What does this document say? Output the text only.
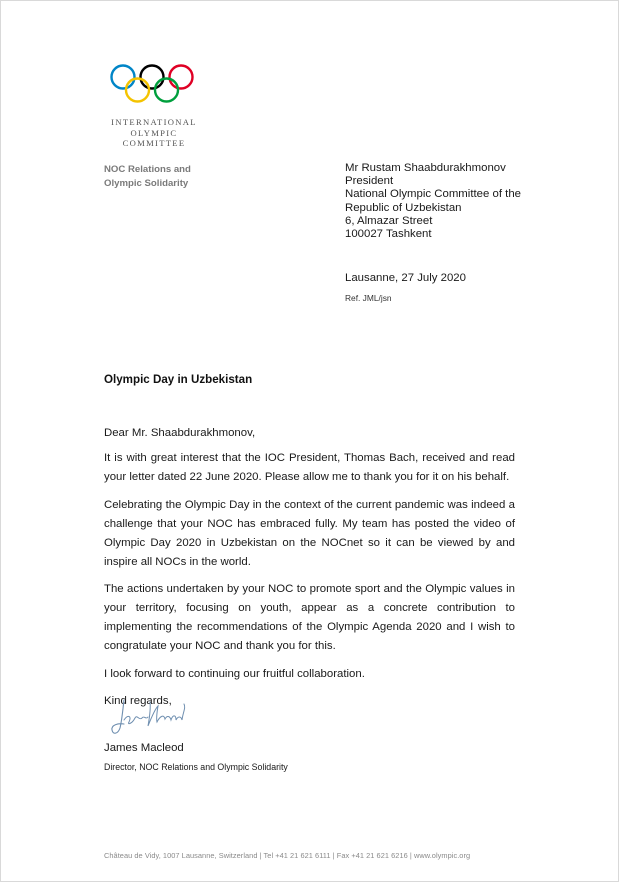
INTERNATIONAL
OLYMPIC
COMMITTEE
NOC Relations and
Olympic Solidarity
Mr Rustam Shaabdurakhmonov
President
National Olympic Committee of the
Republic of Uzbekistan
6, Almazar Street
100027 Tashkent
Lausanne, 27 July 2020
Ref. JML/jsn
Olympic Day in Uzbekistan

Dear Mr. Shaabdurakhmonov,

It is with great interest that the IOC President, Thomas Bach, received and read your letter dated 22 June 2020. Please allow me to thank you for it on his behalf.

Celebrating the Olympic Day in the context of the current pandemic was indeed a challenge that your NOC has embraced fully. My team has posted the video of Olympic Day 2020 in Uzbekistan on the NOCnet so it can be viewed by and inspire all NOCs in the world.

The actions undertaken by your NOC to promote sport and the Olympic values in your territory, focusing on youth, appear as a concrete contribution to implementing the recommendations of the Olympic Agenda 2020 and I wish to congratulate your NOC and thank you for this.

I look forward to continuing our fruitful collaboration.

Kind regards,

James Macleod
Director, NOC Relations and Olympic Solidarity
Château de Vidy, 1007 Lausanne, Switzerland | Tel +41 21 621 6111 | Fax +41 21 621 6216 | www.olympic.org
